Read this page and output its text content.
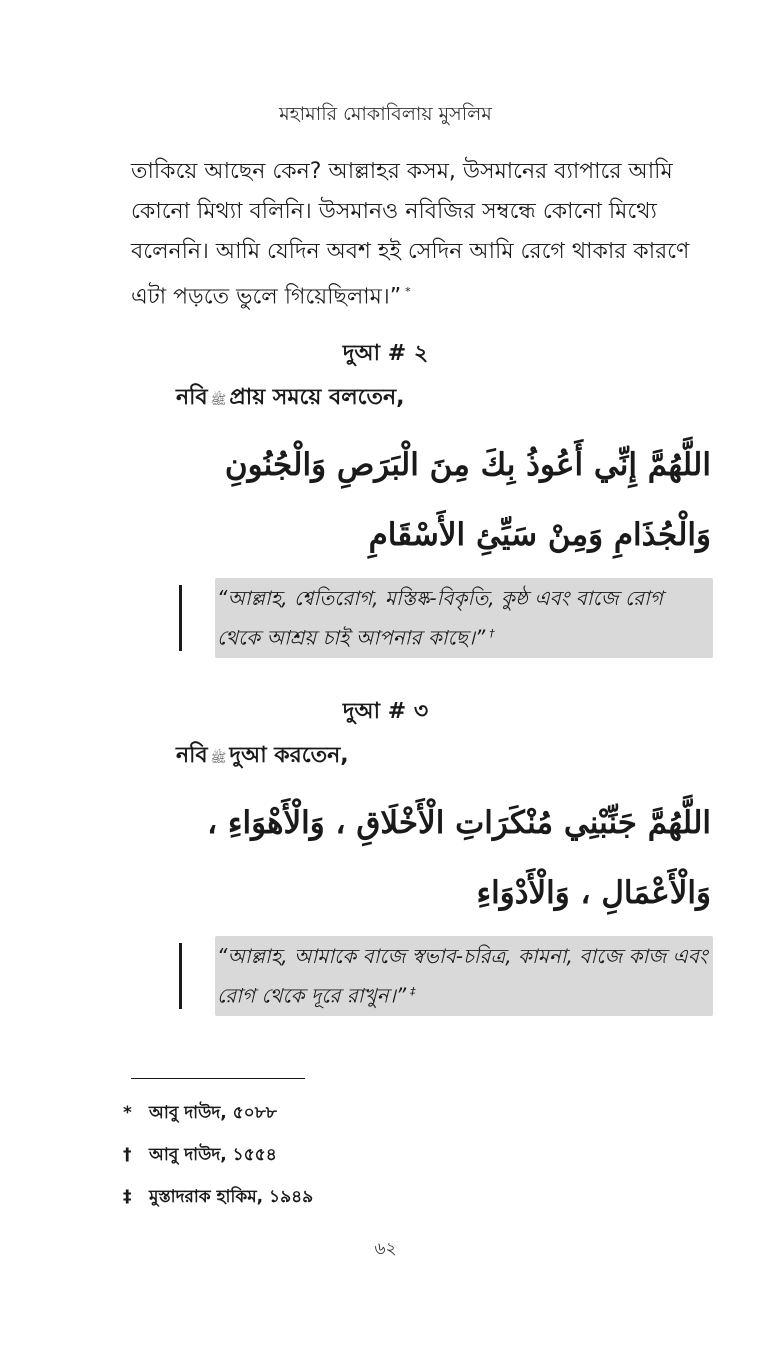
মহামারি মোকাবিলায় মুসলিম
তাকিয়ে আছেন কেন? আল্লাহর কসম, উসমানের ব্যাপারে আমি
কোনো মিথ্যা বলিনি। উসমানও নবিজির সম্বন্ধে কোনো মিথ্যে
বলেননি। আমি যেদিন অবশ হই সেদিন আমি রেগে থাকার কারণে
এটা পড়তে ভুলে গিয়েছিলাম।” *
দুআ # ২
নবি ﷺ প্রায় সময়ে বলতেন,
اللَّهُمَّ إِنِّي أَعُوذُ بِكَ مِنَ الْبَرَصِ وَالْجُنُونِ
وَالْجُذَامِ وَمِنْ سَيِّئِ الأَسْقَامِ
“আল্লাহ, শ্বেতিরোগ, মস্তিষ্ক-বিকৃতি, কুষ্ঠ এবং বাজে রোগ
থেকে আশ্রয় চাই আপনার কাছে।” †
দুআ # ৩
নবি ﷺ দুআ করতেন,
اللَّهُمَّ جَنِّبْنِي مُنْكَرَاتِ الْأَخْلَاقِ ، وَالْأَهْوَاءِ ،
وَالْأَعْمَالِ ، وَالْأَدْوَاءِ
“আল্লাহ, আমাকে বাজে স্বভাব-চরিত্র, কামনা, বাজে কাজ এবং
রোগ থেকে দূরে রাখুন।” ‡
* আবু দাউদ, ৫০৮৮
† আবু দাউদ, ১৫৫৪
‡ মুস্তাদরাক হাকিম, ১৯৪৯
৬২
